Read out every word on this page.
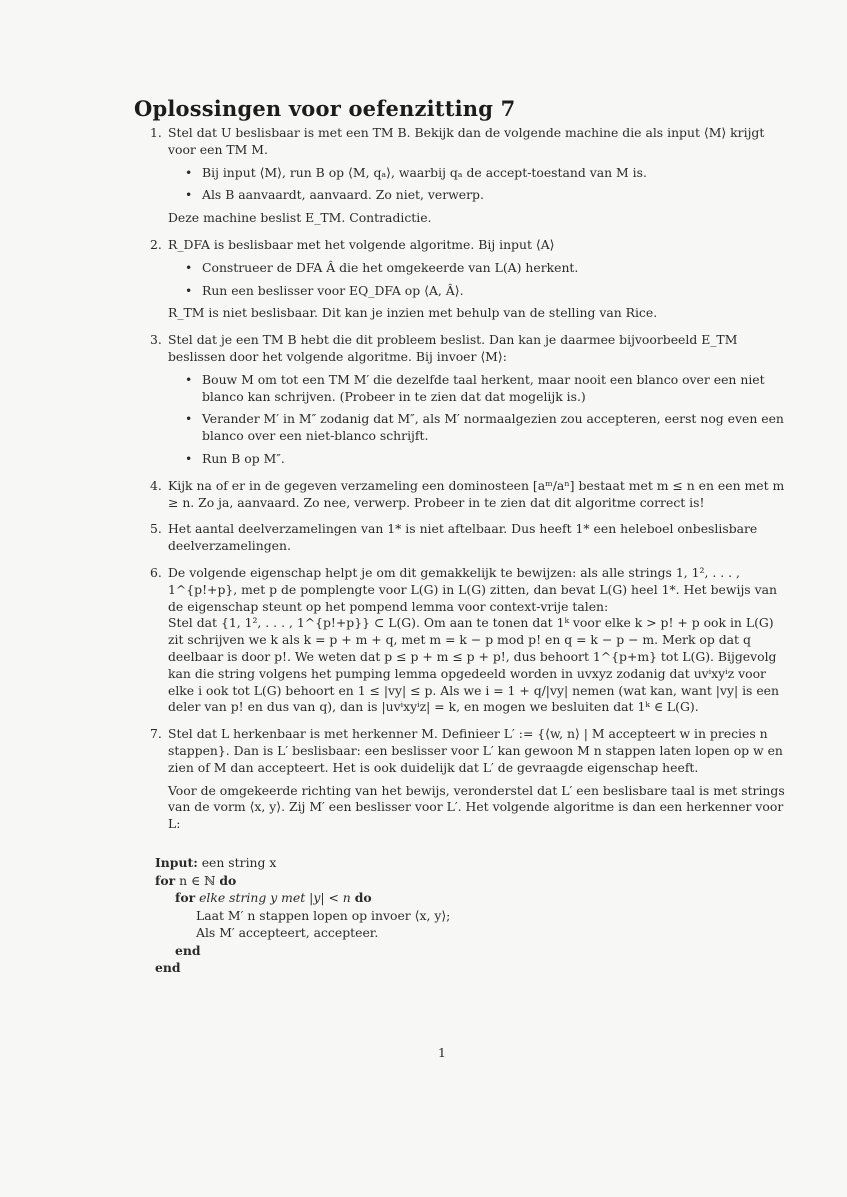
Oplossingen voor oefenzitting 7
1. Stel dat U beslisbaar is met een TM B. Bekijk dan de volgende machine die als input ⟨M⟩ krijgt voor een TM M.
• Bij input ⟨M⟩, run B op ⟨M, qₐ⟩, waarbij qₐ de accept-toestand van M is.
• Als B aanvaardt, aanvaard. Zo niet, verwerp.
Deze machine beslist E_TM. Contradictie.
2. R_DFA is beslisbaar met het volgende algoritme. Bij input ⟨A⟩
• Construeer de DFA Â die het omgekeerde van L(A) herkent.
• Run een beslisser voor EQ_DFA op ⟨A, Â⟩.
R_TM is niet beslisbaar. Dit kan je inzien met behulp van de stelling van Rice.
3. Stel dat je een TM B hebt die dit probleem beslist. Dan kan je daarmee bijvoorbeeld E_TM beslissen door het volgende algoritme. Bij invoer ⟨M⟩:
• Bouw M om tot een TM M′ die dezelfde taal herkent, maar nooit een blanco over een niet blanco kan schrijven. (Probeer in te zien dat dat mogelijk is.)
• Verander M′ in M″ zodanig dat M″, als M′ normaalgezien zou accepteren, eerst nog even een blanco over een niet-blanco schrijft.
• Run B op M″.
4. Kijk na of er in de gegeven verzameling een dominosteen [aᵐ/aⁿ] bestaat met m ≤ n en een met m ≥ n. Zo ja, aanvaard. Zo nee, verwerp. Probeer in te zien dat dit algoritme correct is!
5. Het aantal deelverzamelingen van 1* is niet aftelbaar. Dus heeft 1* een heleboel onbeslisbare deelverzamelingen.
6. De volgende eigenschap helpt je om dit gemakkelijk te bewijzen: als alle strings 1, 1², . . . , 1^{p!+p}, met p de pomplengte voor L(G) in L(G) zitten, dan bevat L(G) heel 1*. Het bewijs van de eigenschap steunt op het pompend lemma voor context-vrije talen:
Stel dat {1, 1², . . . , 1^{p!+p}} ⊂ L(G). Om aan te tonen dat 1ᵏ voor elke k > p! + p ook in L(G) zit schrijven we k als k = p + m + q, met m = k − p mod p! en q = k − p − m. Merk op dat q deelbaar is door p!. We weten dat p ≤ p + m ≤ p + p!, dus behoort 1^{p+m} tot L(G). Bijgevolg kan die string volgens het pumping lemma opgedeeld worden in uvxyz zodanig dat uvⁱxyⁱz voor elke i ook tot L(G) behoort en 1 ≤ |vy| ≤ p. Als we i = 1 + q/|vy| nemen (wat kan, want |vy| is een deler van p! en dus van q), dan is |uvⁱxyⁱz| = k, en mogen we besluiten dat 1ᵏ ∈ L(G).
7. Stel dat L herkenbaar is met herkenner M. Definieer L′ := {⟨w, n⟩ | M accepteert w in precies n stappen}. Dan is L′ beslisbaar: een beslisser voor L′ kan gewoon M n stappen laten lopen op w en zien of M dan accepteert. Het is ook duidelijk dat L′ de gevraagde eigenschap heeft.
Voor de omgekeerde richting van het bewijs, veronderstel dat L′ een beslisbare taal is met strings van de vorm ⟨x, y⟩. Zij M′ een beslisser voor L′. Het volgende algoritme is dan een herkenner voor L:
Input: een string x
for n ∈ ℕ do
for elke string y met |y| < n do
Laat M′ n stappen lopen op invoer ⟨x, y⟩;
Als M′ accepteert, accepteer.
end
end
1
